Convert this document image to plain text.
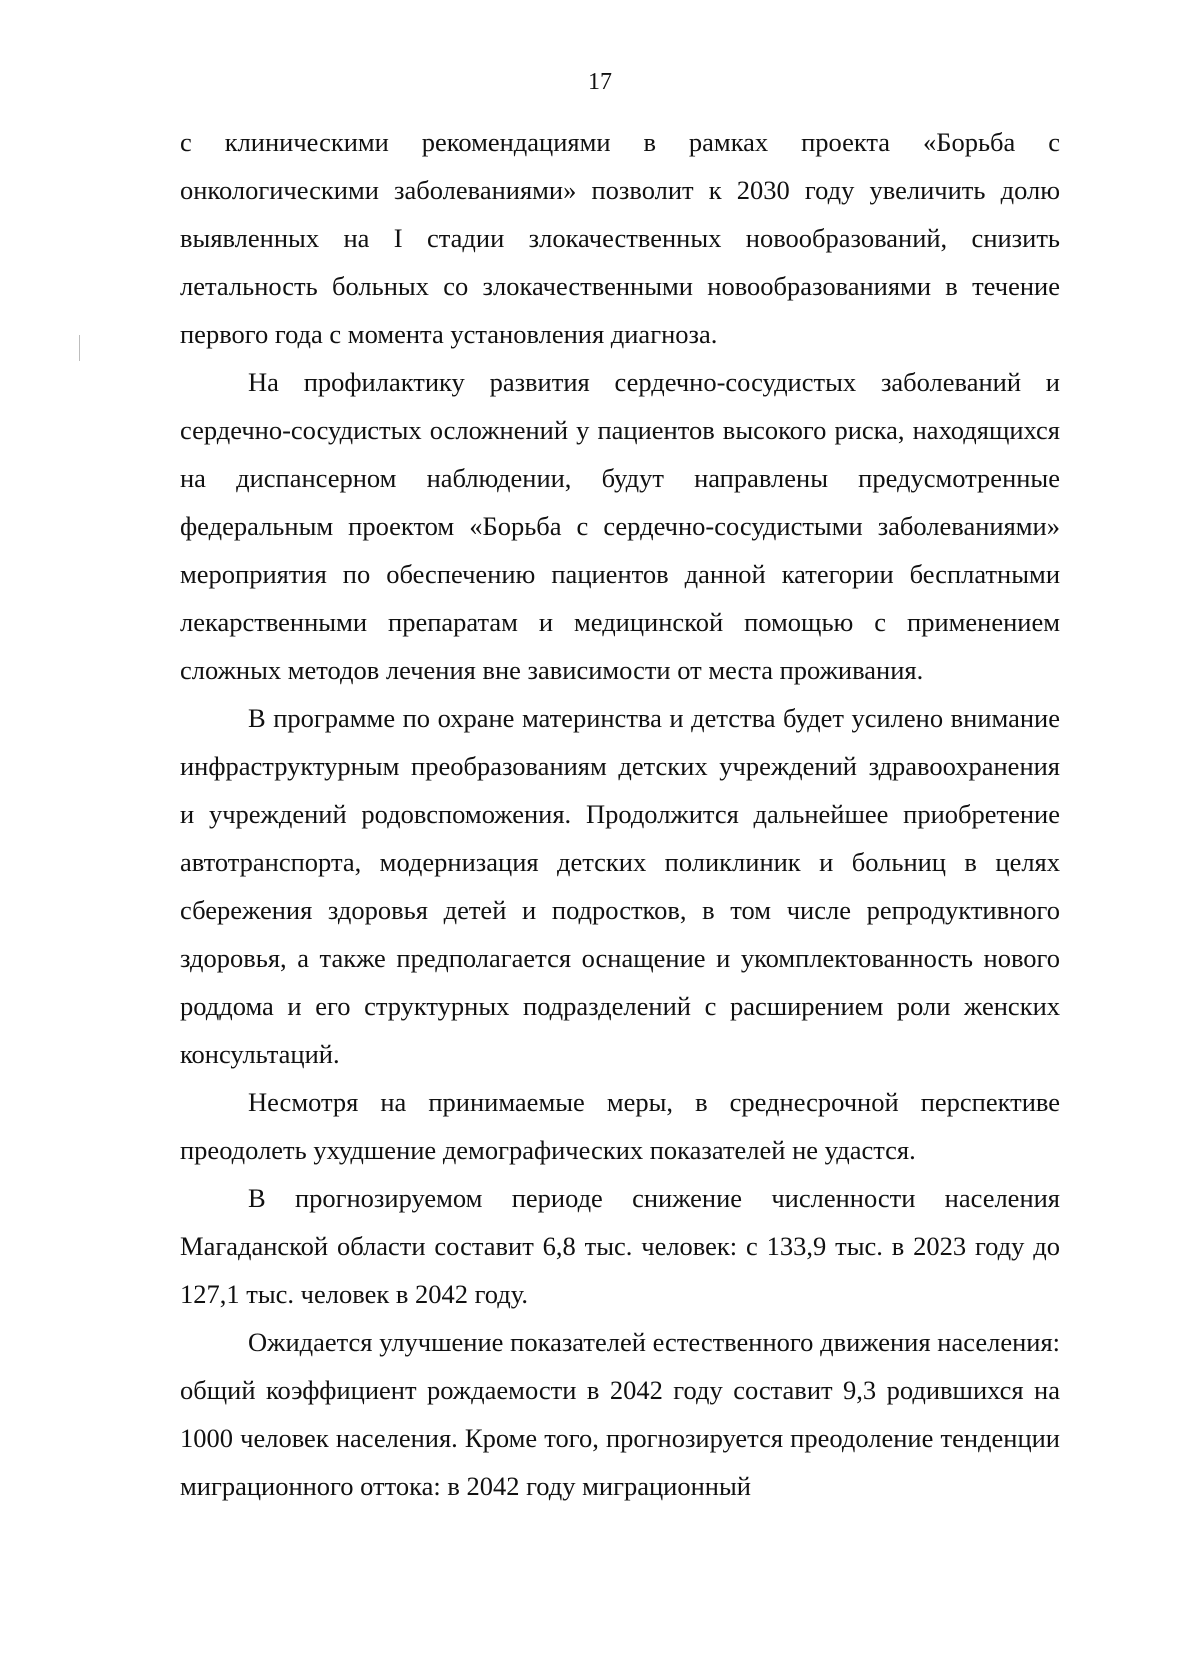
17

с клиническими рекомендациями в рамках проекта «Борьба с онкологическими заболеваниями» позволит к 2030 году увеличить долю выявленных на I стадии злокачественных новообразований, снизить летальность больных со злокачественными новообразованиями в течение первого года с момента установления диагноза.

На профилактику развития сердечно-сосудистых заболеваний и сердечно-сосудистых осложнений у пациентов высокого риска, находящихся на диспансерном наблюдении, будут направлены предусмотренные федеральным проектом «Борьба с сердечно-сосудистыми заболеваниями» мероприятия по обеспечению пациентов данной категории бесплатными лекарственными препаратам и медицинской помощью с применением сложных методов лечения вне зависимости от места проживания.

В программе по охране материнства и детства будет усилено внимание инфраструктурным преобразованиям детских учреждений здравоохранения и учреждений родовспоможения. Продолжится дальнейшее приобретение автотранспорта, модернизация детских поликлиник и больниц в целях сбережения здоровья детей и подростков, в том числе репродуктивного здоровья, а также предполагается оснащение и укомплектованность нового роддома и его структурных подразделений с расширением роли женских консультаций.

Несмотря на принимаемые меры, в среднесрочной перспективе преодолеть ухудшение демографических показателей не удастся.

В прогнозируемом периоде снижение численности населения Магаданской области составит 6,8 тыс. человек: с 133,9 тыс. в 2023 году до 127,1 тыс. человек в 2042 году.

Ожидается улучшение показателей естественного движения населения: общий коэффициент рождаемости в 2042 году составит 9,3 родившихся на 1000 человек населения. Кроме того, прогнозируется преодоление тенденции миграционного оттока: в 2042 году миграционный
